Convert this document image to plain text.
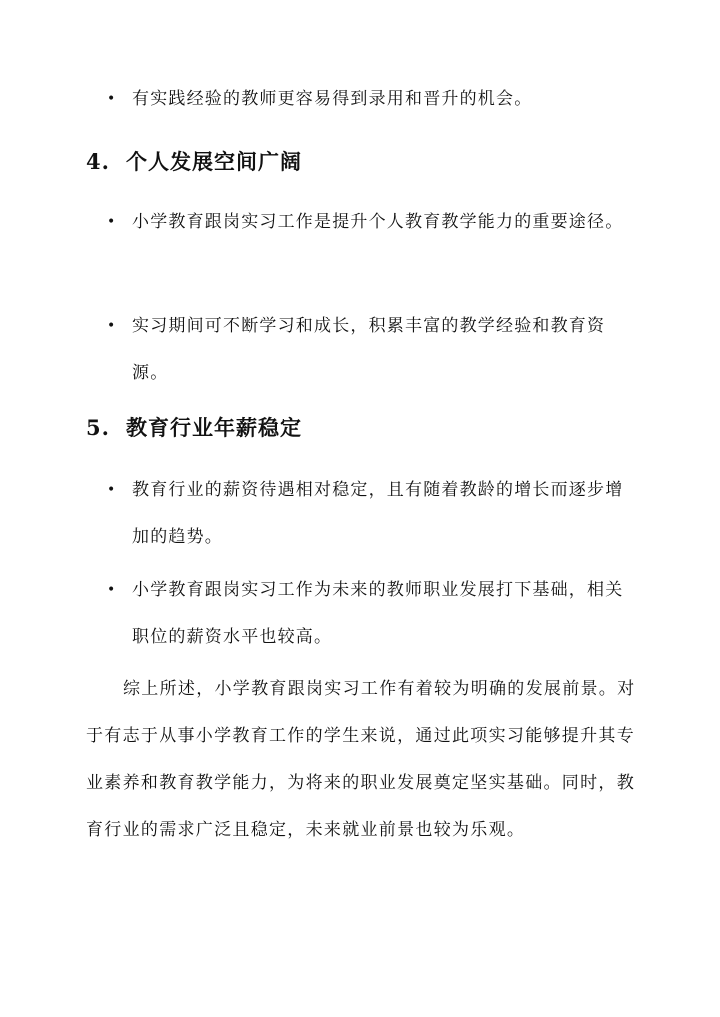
• 有实践经验的教师更容易得到录用和晋升的机会。
4. 个人发展空间广阔
• 小学教育跟岗实习工作是提升个人教育教学能力的重要途径。
• 实习期间可不断学习和成长，积累丰富的教学经验和教育资源。
5. 教育行业年薪稳定
• 教育行业的薪资待遇相对稳定，且有随着教龄的增长而逐步增加的趋势。
• 小学教育跟岗实习工作为未来的教师职业发展打下基础，相关职位的薪资水平也较高。
综上所述，小学教育跟岗实习工作有着较为明确的发展前景。对于有志于从事小学教育工作的学生来说，通过此项实习能够提升其专业素养和教育教学能力，为将来的职业发展奠定坚实基础。同时，教育行业的需求广泛且稳定，未来就业前景也较为乐观。
